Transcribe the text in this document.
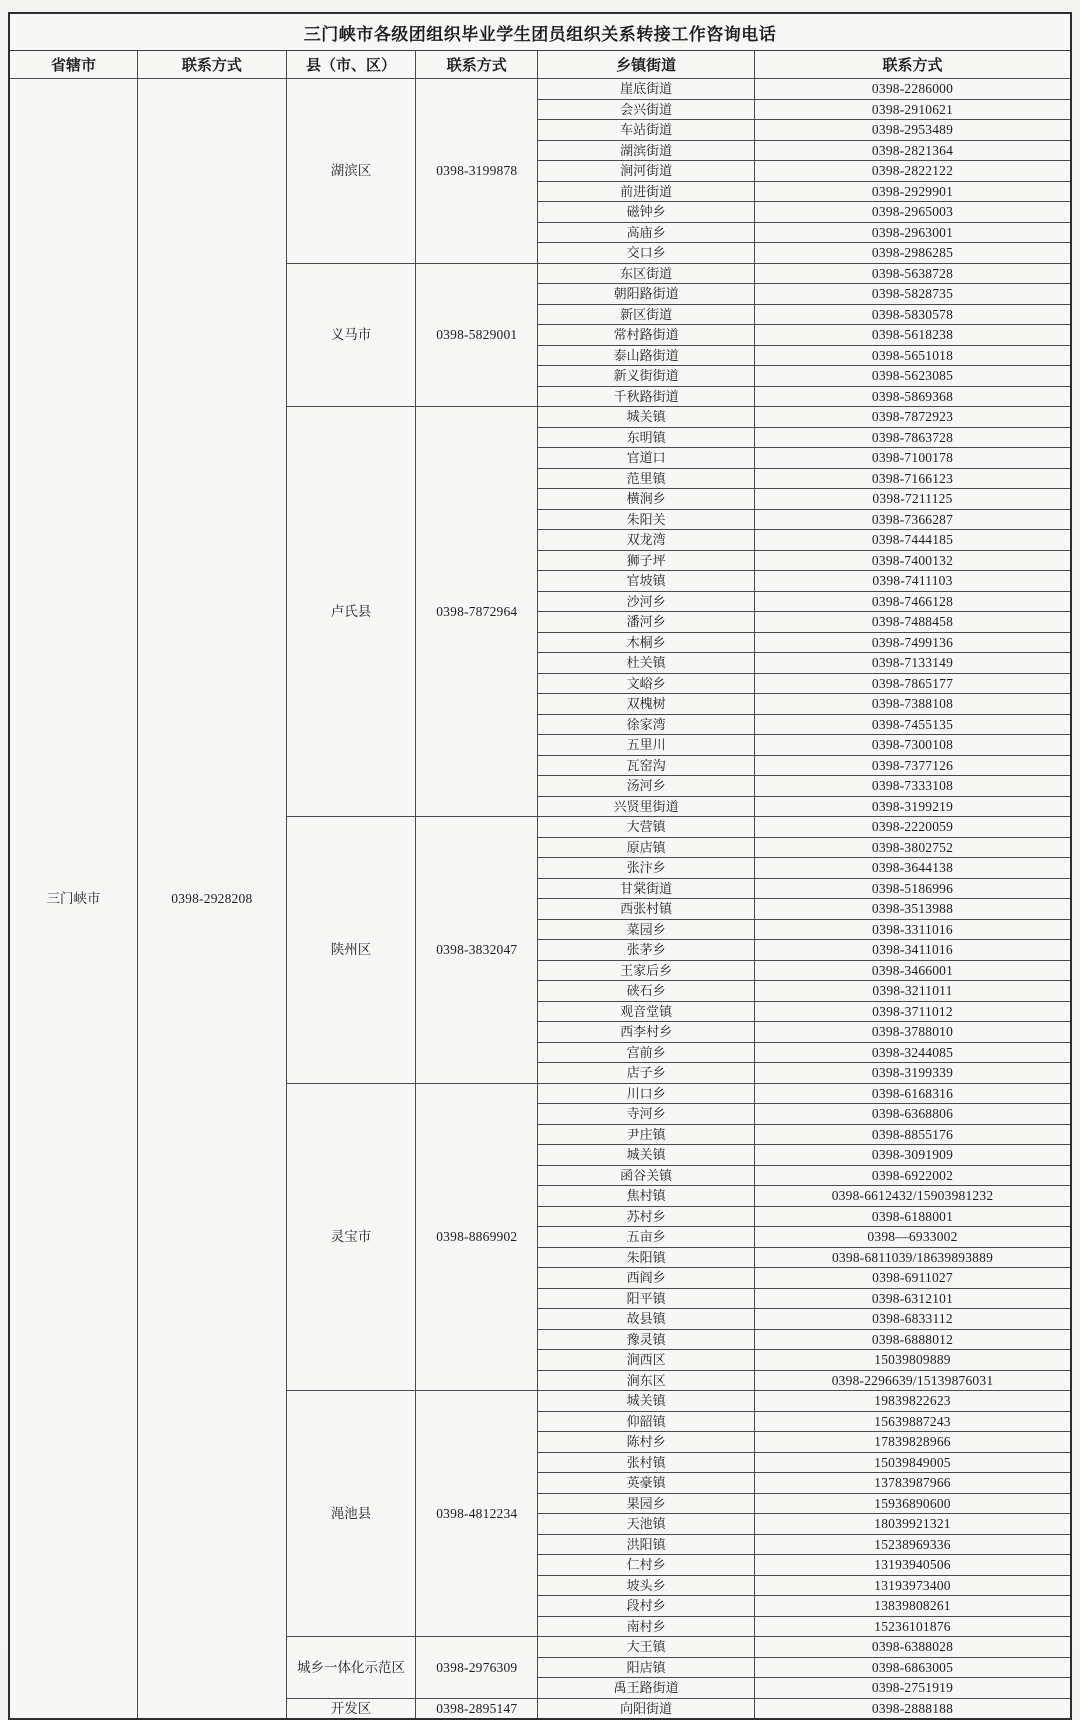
三门峡市各级团组织毕业学生团员组织关系转接工作咨询电话					
省辖市	联系方式	县（市、区）	联系方式	乡镇街道	联系方式
三门峡市	0398-2928208	湖滨区	0398-3199878	崖底街道	0398-2286000
				会兴街道	0398-2910621
				车站街道	0398-2953489
				湖滨街道	0398-2821364
				涧河街道	0398-2822122
				前进街道	0398-2929901
				磁钟乡	0398-2965003
				高庙乡	0398-2963001
				交口乡	0398-2986285
		义马市	0398-5829001	东区街道	0398-5638728
				朝阳路街道	0398-5828735
				新区街道	0398-5830578
				常村路街道	0398-5618238
				泰山路街道	0398-5651018
				新义街街道	0398-5623085
				千秋路街道	0398-5869368
		卢氏县	0398-7872964	城关镇	0398-7872923
				东明镇	0398-7863728
				官道口	0398-7100178
				范里镇	0398-7166123
				横涧乡	0398-7211125
				朱阳关	0398-7366287
				双龙湾	0398-7444185
				狮子坪	0398-7400132
				官坡镇	0398-7411103
				沙河乡	0398-7466128
				潘河乡	0398-7488458
				木桐乡	0398-7499136
				杜关镇	0398-7133149
				文峪乡	0398-7865177
				双槐树	0398-7388108
				徐家湾	0398-7455135
				五里川	0398-7300108
				瓦窑沟	0398-7377126
				汤河乡	0398-7333108
				兴贤里街道	0398-3199219
		陕州区	0398-3832047	大营镇	0398-2220059
				原店镇	0398-3802752
				张汴乡	0398-3644138
				甘棠街道	0398-5186996
				西张村镇	0398-3513988
				菜园乡	0398-3311016
				张茅乡	0398-3411016
				王家后乡	0398-3466001
				硖石乡	0398-3211011
				观音堂镇	0398-3711012
				西李村乡	0398-3788010
				宫前乡	0398-3244085
				店子乡	0398-3199339
		灵宝市	0398-8869902	川口乡	0398-6168316
				寺河乡	0398-6368806
				尹庄镇	0398-8855176
				城关镇	0398-3091909
				函谷关镇	0398-6922002
				焦村镇	0398-6612432/15903981232
				苏村乡	0398-6188001
				五亩乡	0398—6933002
				朱阳镇	0398-6811039/18639893889
				西阎乡	0398-6911027
				阳平镇	0398-6312101
				故县镇	0398-6833112
				豫灵镇	0398-6888012
				涧西区	15039809889
				涧东区	0398-2296639/15139876031
		渑池县	0398-4812234	城关镇	19839822623
				仰韶镇	15639887243
				陈村乡	17839828966
				张村镇	15039849005
				英豪镇	13783987966
				果园乡	15936890600
				天池镇	18039921321
				洪阳镇	15238969336
				仁村乡	13193940506
				坡头乡	13193973400
				段村乡	13839808261
				南村乡	15236101876
		城乡一体化示范区	0398-2976309	大王镇	0398-6388028
				阳店镇	0398-6863005
				禹王路街道	0398-2751919
		开发区	0398-2895147	向阳街道	0398-2888188
